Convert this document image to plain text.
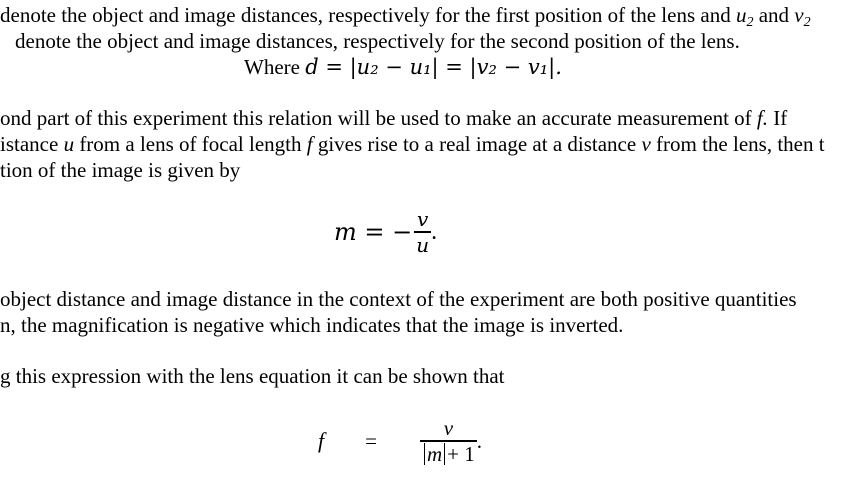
denote the object and image distances, respectively for the first position of the lens and $u_2$ and $v_2$
denote the object and image distances, respectively for the second position of the lens.
Where d = |u₂ − u₁| = |v₂ − v₁|.
ond part of this experiment this relation will be used to make an accurate measurement of f. If
istance u from a lens of focal length f gives rise to a real image at a distance v from the lens, then t
tion of the image is given by
m = − $\frac{v}{u}$ .
object distance and image distance in the context of the experiment are both positive quantities
n, the magnification is negative which indicates that the image is inverted.
g this expression with the lens equation it can be shown that
$f = \frac{v}{m + 1}$ .
